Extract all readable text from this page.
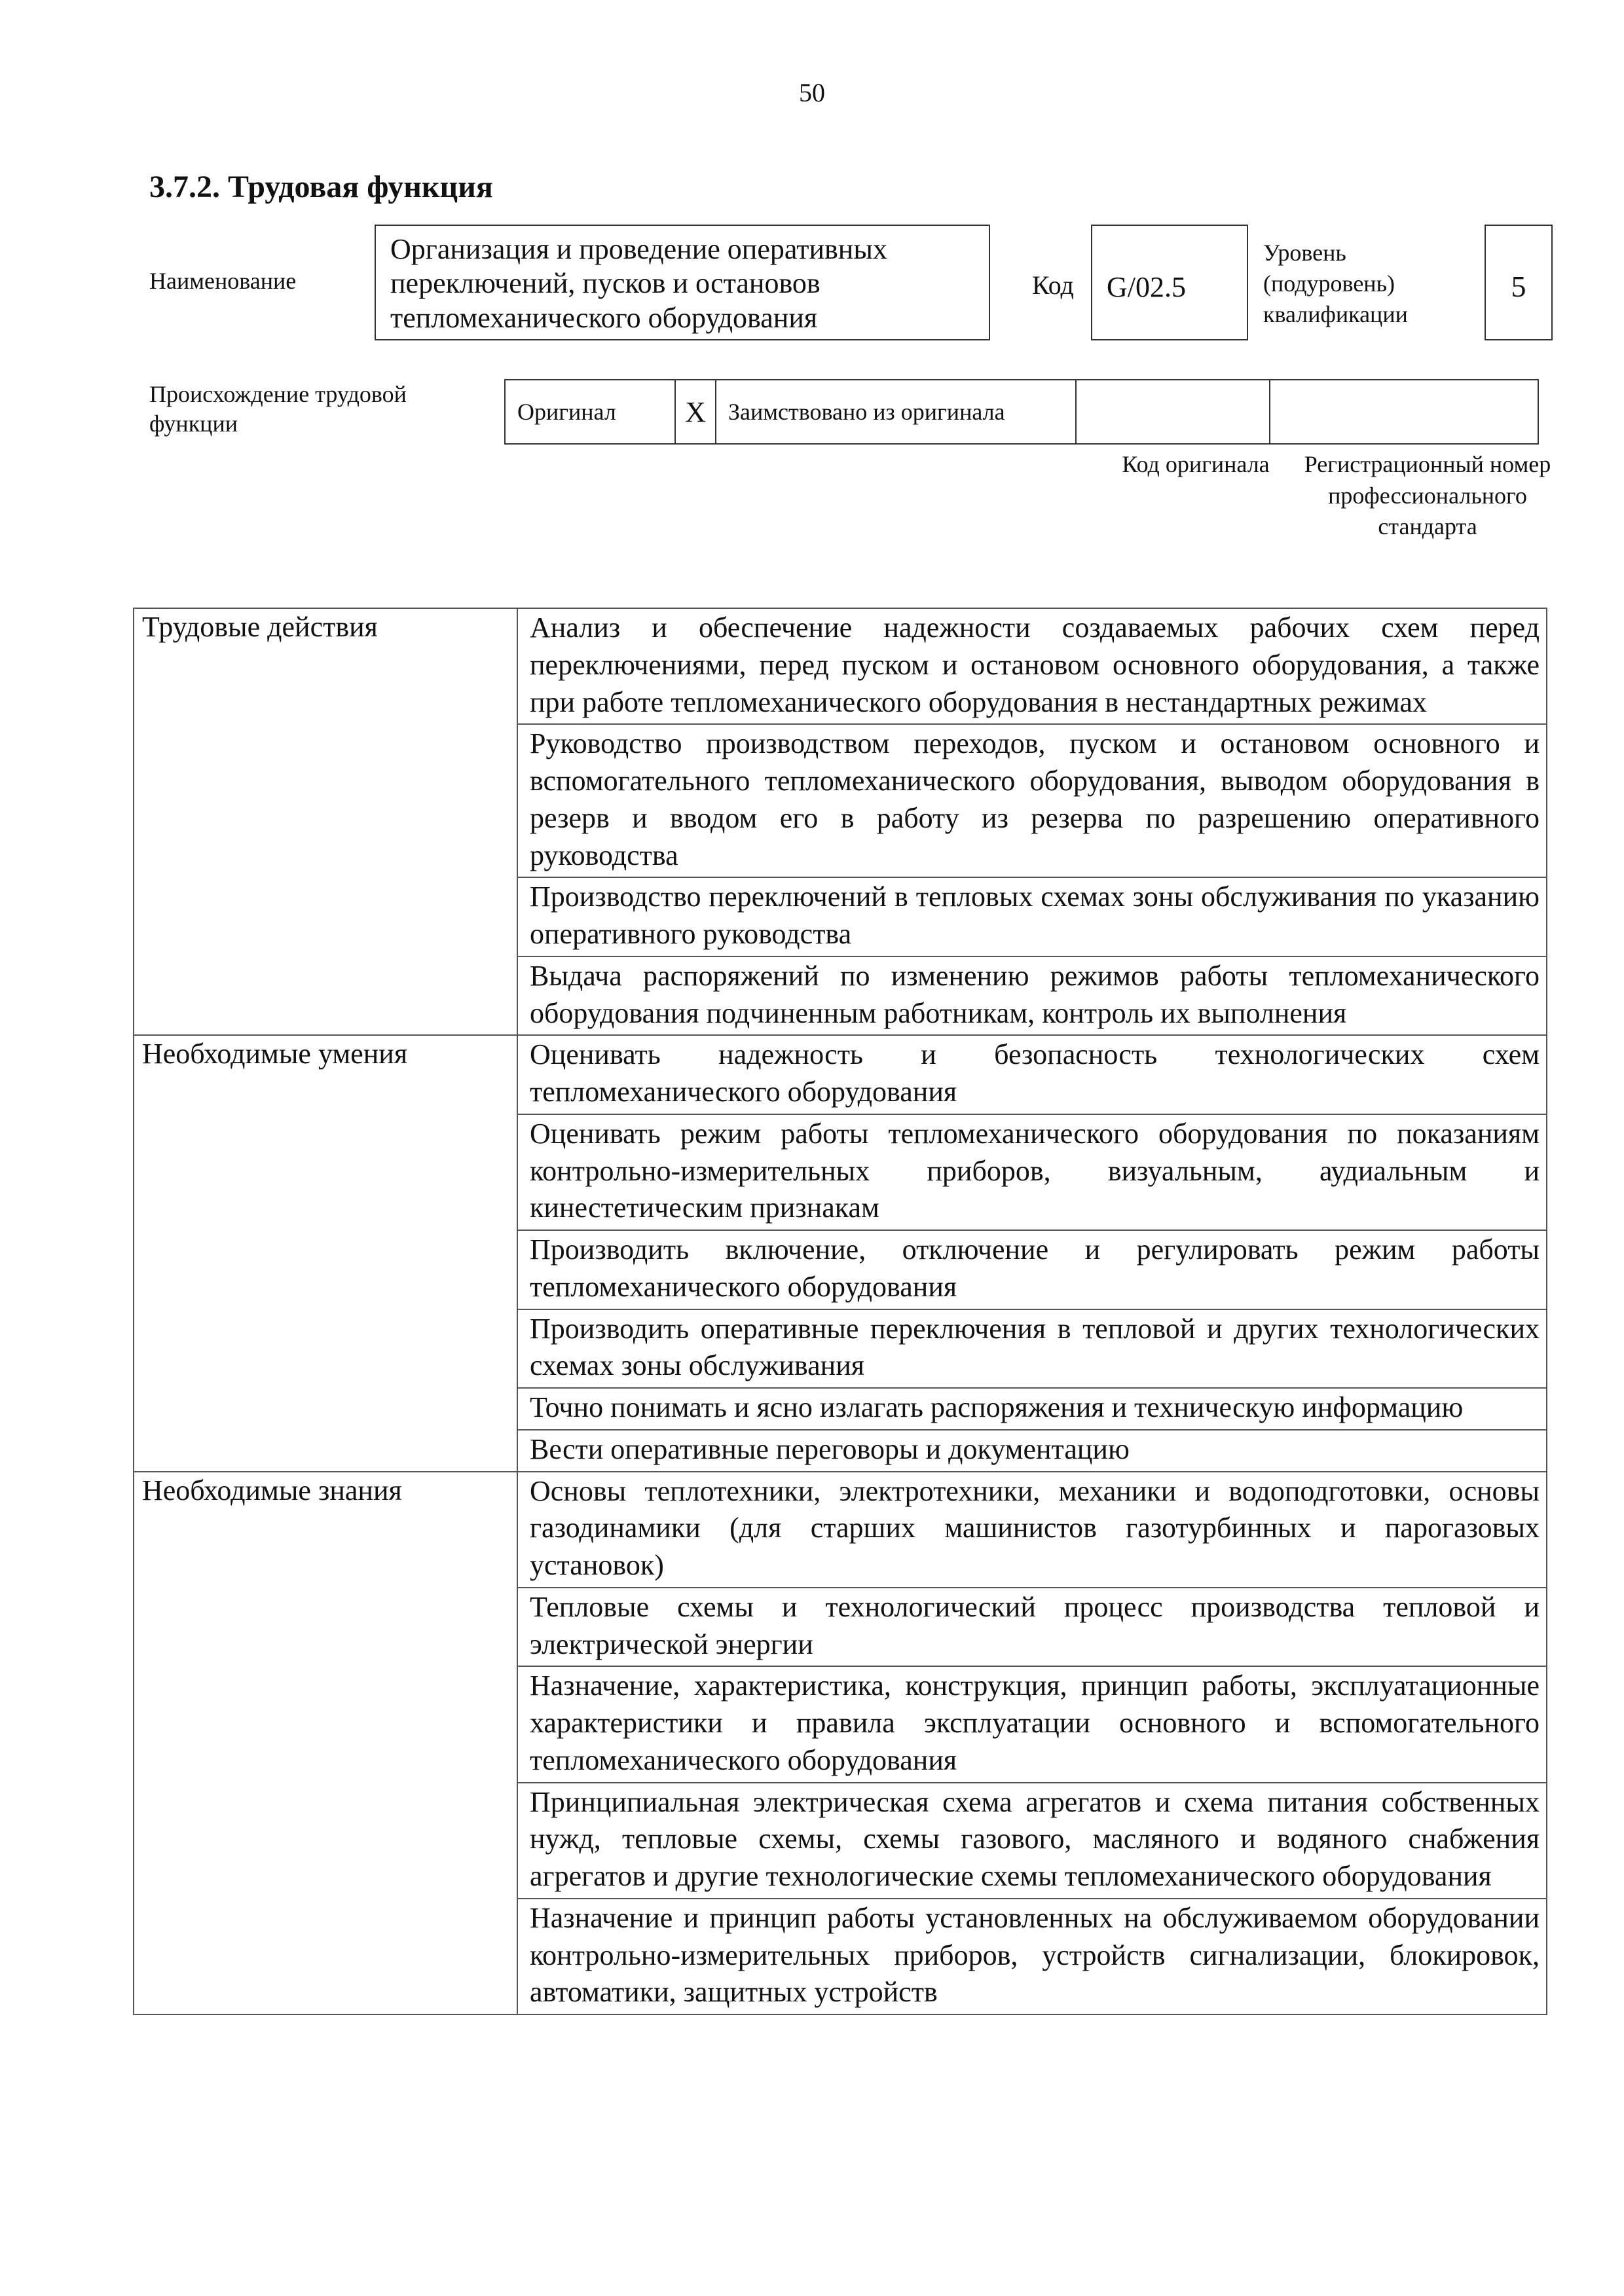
50
3.7.2. Трудовая функция
Наименование
Организация и проведение оперативных переключений, пусков и остановов тепломеханического оборудования
Код	G/02.5
Уровень
(подуровень)
квалификации
5
Происхождение трудовой функции	Оригинал	X	Заимствовано из оригинала		
Код оригинала	Регистрационный номер профессионального стандарта
Трудовые действия	Анализ и обеспечение надежности создаваемых рабочих схем перед переключениями, перед пуском и остановом основного оборудования, а также при работе тепломеханического оборудования в нестандартных режимах
	Руководство производством переходов, пуском и остановом основного и вспомогательного тепломеханического оборудования, выводом оборудования в резерв и вводом его в работу из резерва по разрешению оперативного руководства
	Производство переключений в тепловых схемах зоны обслуживания по указанию оперативного руководства
	Выдача распоряжений по изменению режимов работы тепломеханического оборудования подчиненным работникам, контроль их выполнения
Необходимые умения	Оценивать надежность и безопасность технологических схем тепломеханического оборудования
	Оценивать режим работы тепломеханического оборудования по показаниям контрольно-измерительных приборов, визуальным, аудиальным и кинестетическим признакам
	Производить включение, отключение и регулировать режим работы тепломеханического оборудования
	Производить оперативные переключения в тепловой и других технологических схемах зоны обслуживания
	Точно понимать и ясно излагать распоряжения и техническую информацию
	Вести оперативные переговоры и документацию
Необходимые знания	Основы теплотехники, электротехники, механики и водоподготовки, основы газодинамики (для старших машинистов газотурбинных и парогазовых установок)
	Тепловые схемы и технологический процесс производства тепловой и электрической энергии
	Назначение, характеристика, конструкция, принцип работы, эксплуатационные характеристики и правила эксплуатации основного и вспомогательного тепломеханического оборудования
	Принципиальная электрическая схема агрегатов и схема питания собственных нужд, тепловые схемы, схемы газового, масляного и водяного снабжения агрегатов и другие технологические схемы тепломеханического оборудования
	Назначение и принцип работы установленных на обслуживаемом оборудовании контрольно-измерительных приборов, устройств сигнализации, блокировок, автоматики, защитных устройств
